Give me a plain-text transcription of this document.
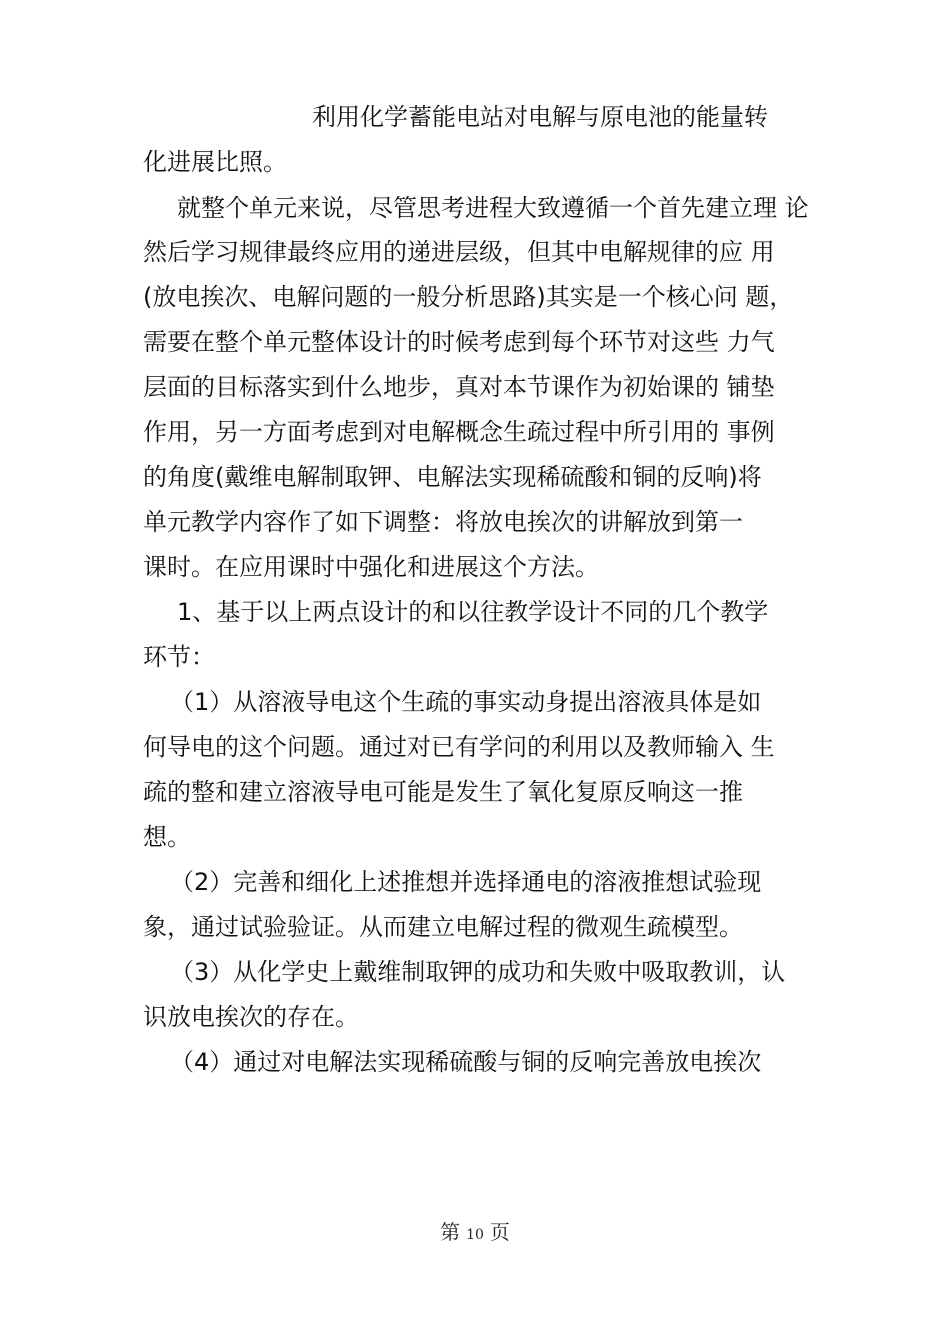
利用化学蓄能电站对电解与原电池的能量转
化进展比照。
就整个单元来说，尽管思考进程大致遵循一个首先建立理 论
然后学习规律最终应用的递进层级，但其中电解规律的应 用
(放电挨次、电解问题的一般分析思路)其实是一个核心问 题，
需要在整个单元整体设计的时候考虑到每个环节对这些 力气
层面的目标落实到什么地步，真对本节课作为初始课的 铺垫
作用，另一方面考虑到对电解概念生疏过程中所引用的 事例
的角度(戴维电解制取钾、电解法实现稀硫酸和铜的反响)将
单元教学内容作了如下调整：将放电挨次的讲解放到第一
课时。在应用课时中强化和进展这个方法。
1、基于以上两点设计的和以往教学设计不同的几个教学
环节：
（1）从溶液导电这个生疏的事实动身提出溶液具体是如
何导电的这个问题。通过对已有学问的利用以及教师输入 生
疏的整和建立溶液导电可能是发生了氧化复原反响这一推
想。
（2）完善和细化上述推想并选择通电的溶液推想试验现
象，通过试验验证。从而建立电解过程的微观生疏模型。
（3）从化学史上戴维制取钾的成功和失败中吸取教训，认
识放电挨次的存在。
（4）通过对电解法实现稀硫酸与铜的反响完善放电挨次
第 10 页
